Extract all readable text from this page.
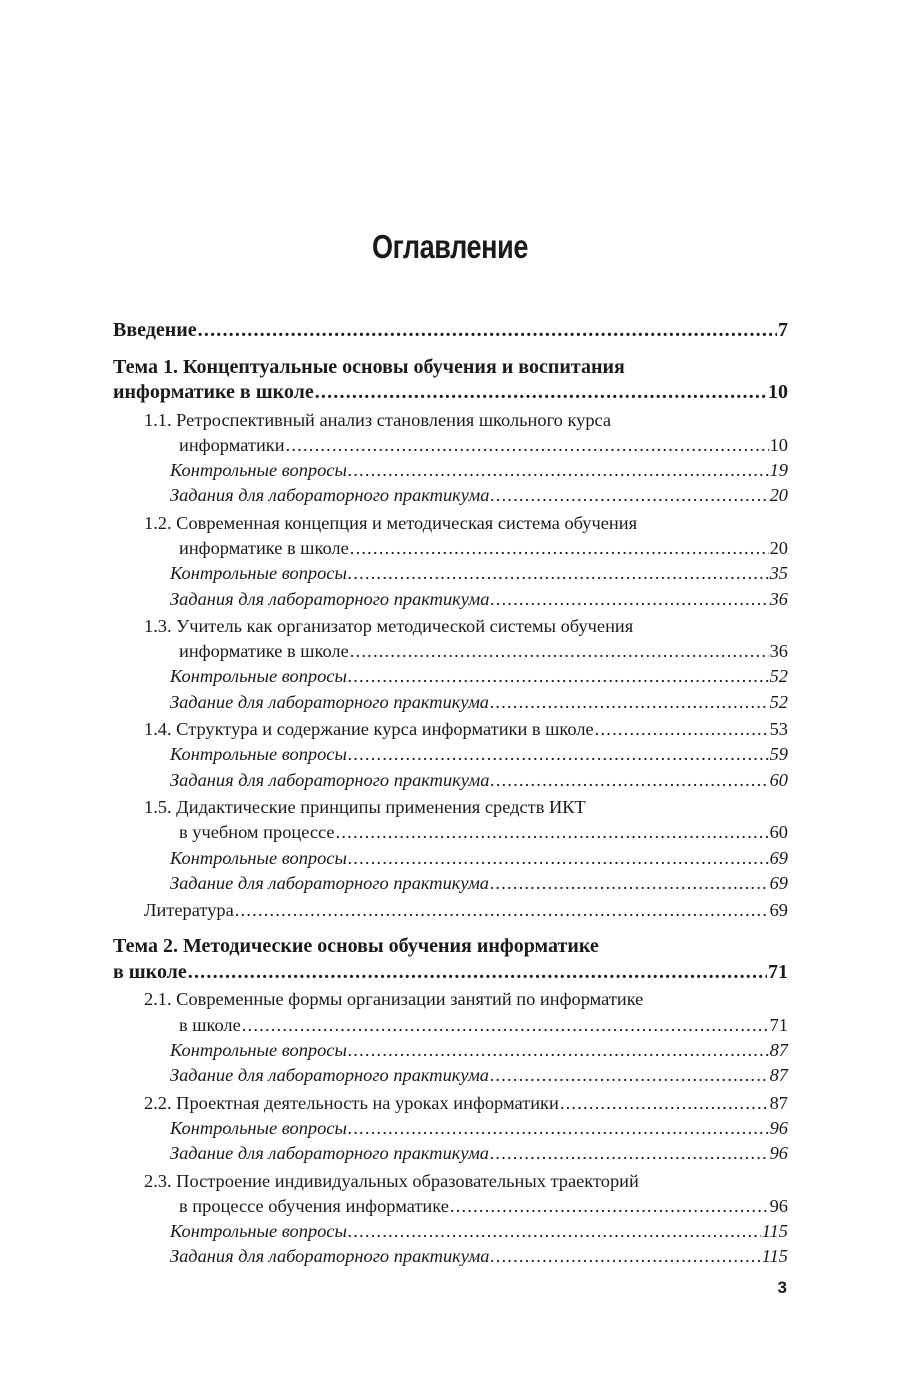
Оглавление
Введение .....	7
Тема 1. Концептуальные основы обучения и воспитания
информатике в школе .....	10
1.1. Ретроспективный анализ становления школьного курса
информатики .....	10
Контрольные вопросы .....	19
Задания для лабораторного практикума .....	20
1.2. Современная концепция и методическая система обучения
информатике в школе .....	20
Контрольные вопросы .....	35
Задания для лабораторного практикума .....	36
1.3. Учитель как организатор методической системы обучения
информатике в школе .....	36
Контрольные вопросы .....	52
Задание для лабораторного практикума .....	52
1.4. Структура и содержание курса информатики в школе .....	53
Контрольные вопросы .....	59
Задания для лабораторного практикума .....	60
1.5. Дидактические принципы применения средств ИКТ
в учебном процессе .....	60
Контрольные вопросы .....	69
Задание для лабораторного практикума .....	69
Литература .....	69
Тема 2. Методические основы обучения информатике
в школе .....	71
2.1. Современные формы организации занятий по информатике
в школе .....	71
Контрольные вопросы .....	87
Задание для лабораторного практикума .....	87
2.2. Проектная деятельность на уроках информатики .....	87
Контрольные вопросы .....	96
Задание для лабораторного практикума .....	96
2.3. Построение индивидуальных образовательных траекторий
в процессе обучения информатике .....	96
Контрольные вопросы .....	115
Задания для лабораторного практикума .....	115
3
